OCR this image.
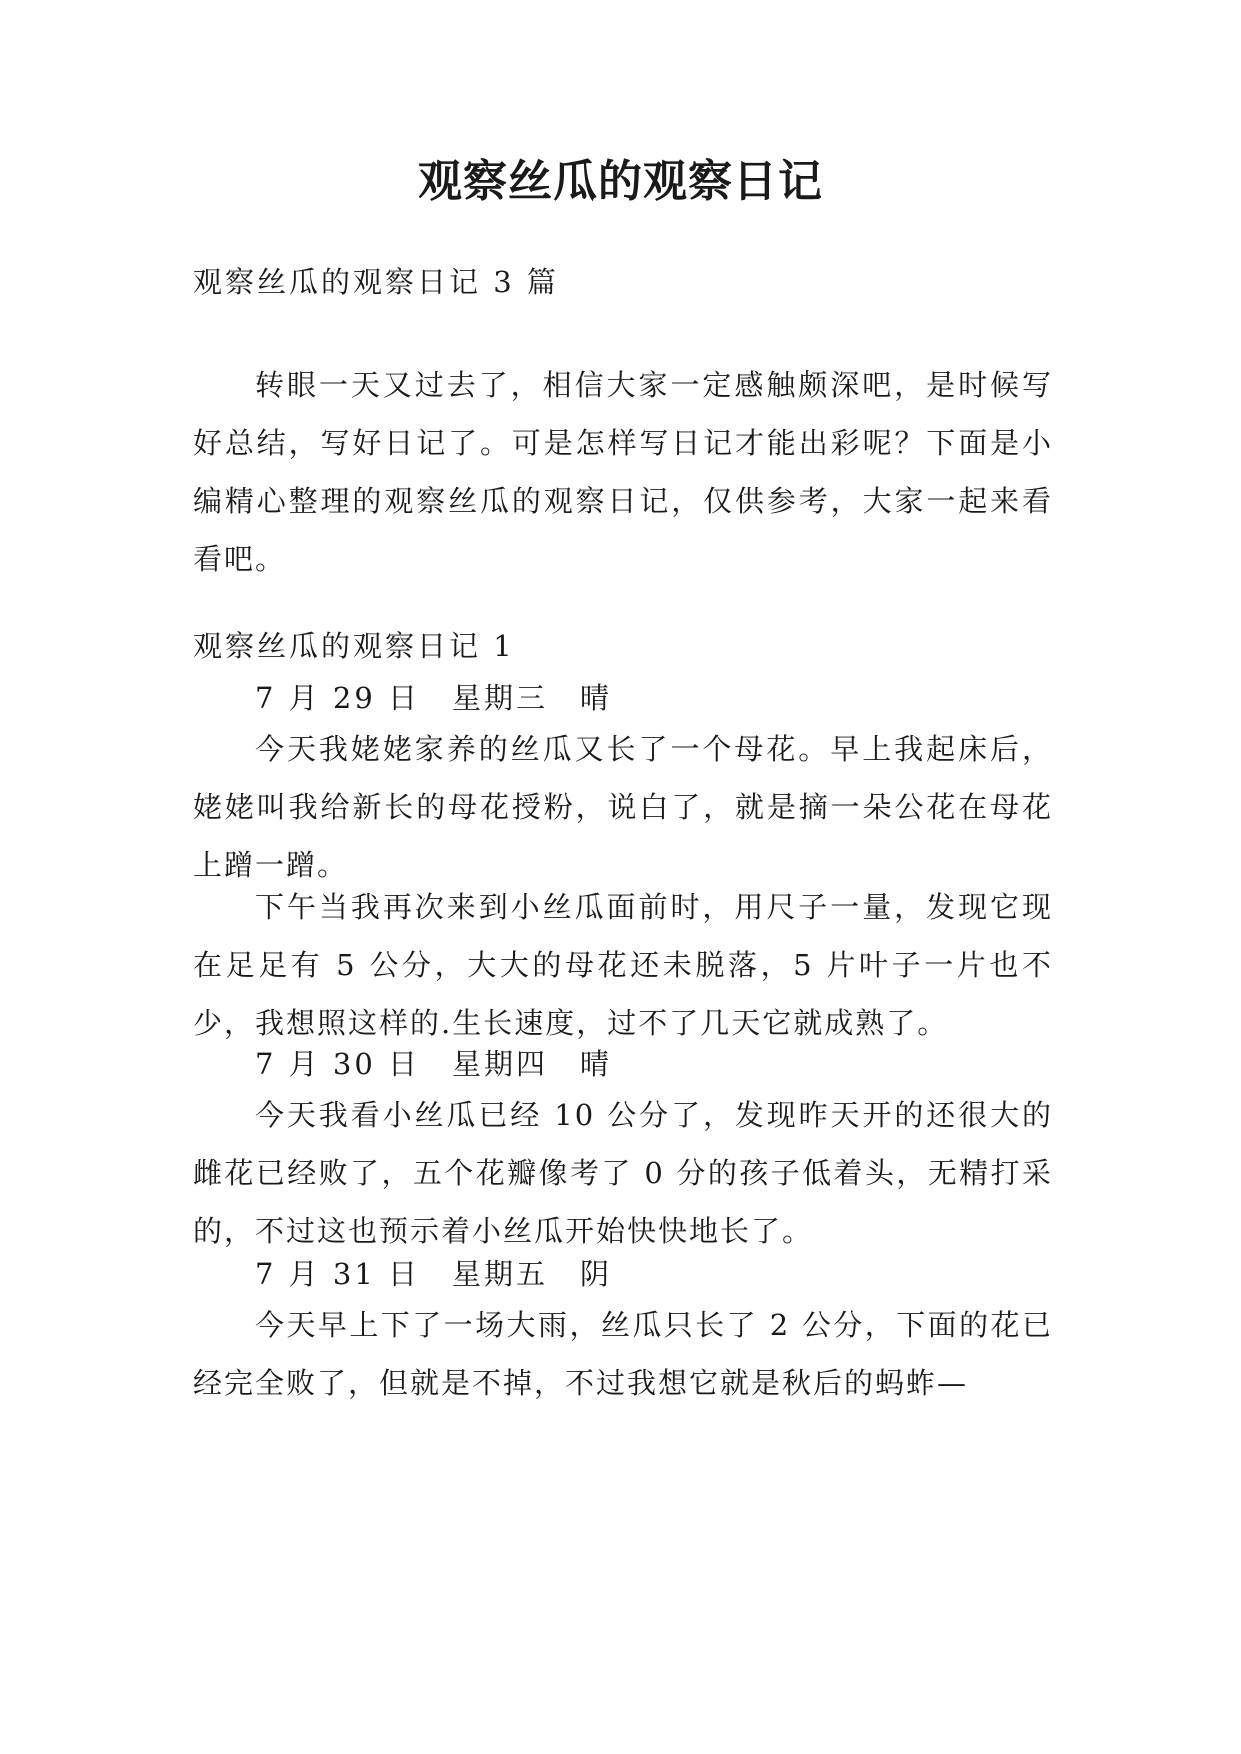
观察丝瓜的观察日记
观察丝瓜的观察日记 3 篇

转眼一天又过去了，相信大家一定感触颇深吧，是时候写好总结，写好日记了。可是怎样写日记才能出彩呢？下面是小编精心整理的观察丝瓜的观察日记，仅供参考，大家一起来看看吧。

观察丝瓜的观察日记 1
7 月 29 日　星期三　晴

今天我姥姥家养的丝瓜又长了一个母花。早上我起床后，姥姥叫我给新长的母花授粉，说白了，就是摘一朵公花在母花上蹭一蹭。

下午当我再次来到小丝瓜面前时，用尺子一量，发现它现在足足有 5 公分，大大的母花还未脱落，5 片叶子一片也不少，我想照这样的.生长速度，过不了几天它就成熟了。

7 月 30 日　星期四　晴

今天我看小丝瓜已经 10 公分了，发现昨天开的还很大的雌花已经败了，五个花瓣像考了 0 分的孩子低着头，无精打采的，不过这也预示着小丝瓜开始快快地长了。

7 月 31 日　星期五　阴

今天早上下了一场大雨，丝瓜只长了 2 公分，下面的花已经完全败了，但就是不掉，不过我想它就是秋后的蚂蚱—
